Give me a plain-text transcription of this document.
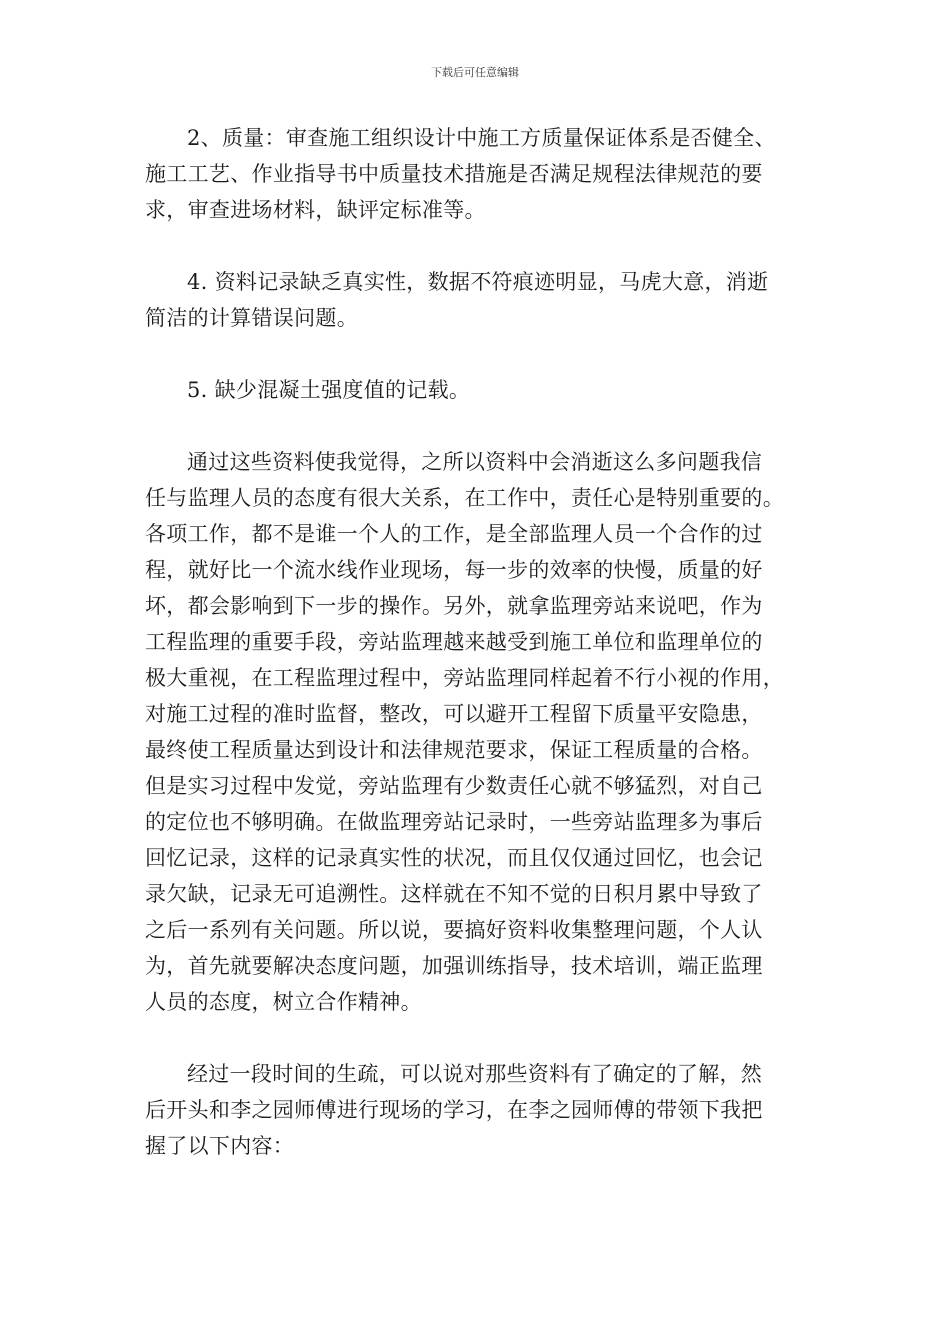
下载后可任意编辑

2、质量：审查施工组织设计中施工方质量保证体系是否健全、
施工工艺、作业指导书中质量技术措施是否满足规程法律规范的要
求，审查进场材料，缺评定标准等。

4. 资料记录缺乏真实性，数据不符痕迹明显，马虎大意，消逝
简洁的计算错误问题。

5. 缺少混凝土强度值的记载。

通过这些资料使我觉得，之所以资料中会消逝这么多问题我信
任与监理人员的态度有很大关系，在工作中，责任心是特别重要的。
各项工作，都不是谁一个人的工作，是全部监理人员一个合作的过
程，就好比一个流水线作业现场，每一步的效率的快慢，质量的好
坏，都会影响到下一步的操作。另外，就拿监理旁站来说吧，作为
工程监理的重要手段，旁站监理越来越受到施工单位和监理单位的
极大重视，在工程监理过程中，旁站监理同样起着不行小视的作用，
对施工过程的准时监督，整改，可以避开工程留下质量平安隐患，
最终使工程质量达到设计和法律规范要求，保证工程质量的合格。
但是实习过程中发觉，旁站监理有少数责任心就不够猛烈，对自己
的定位也不够明确。在做监理旁站记录时，一些旁站监理多为事后
回忆记录，这样的记录真实性的状况，而且仅仅通过回忆，也会记
录欠缺，记录无可追溯性。这样就在不知不觉的日积月累中导致了
之后一系列有关问题。所以说，要搞好资料收集整理问题，个人认
为，首先就要解决态度问题，加强训练指导，技术培训，端正监理
人员的态度，树立合作精神。

经过一段时间的生疏，可以说对那些资料有了确定的了解，然
后开头和李之园师傅进行现场的学习，在李之园师傅的带领下我把
握了以下内容：
